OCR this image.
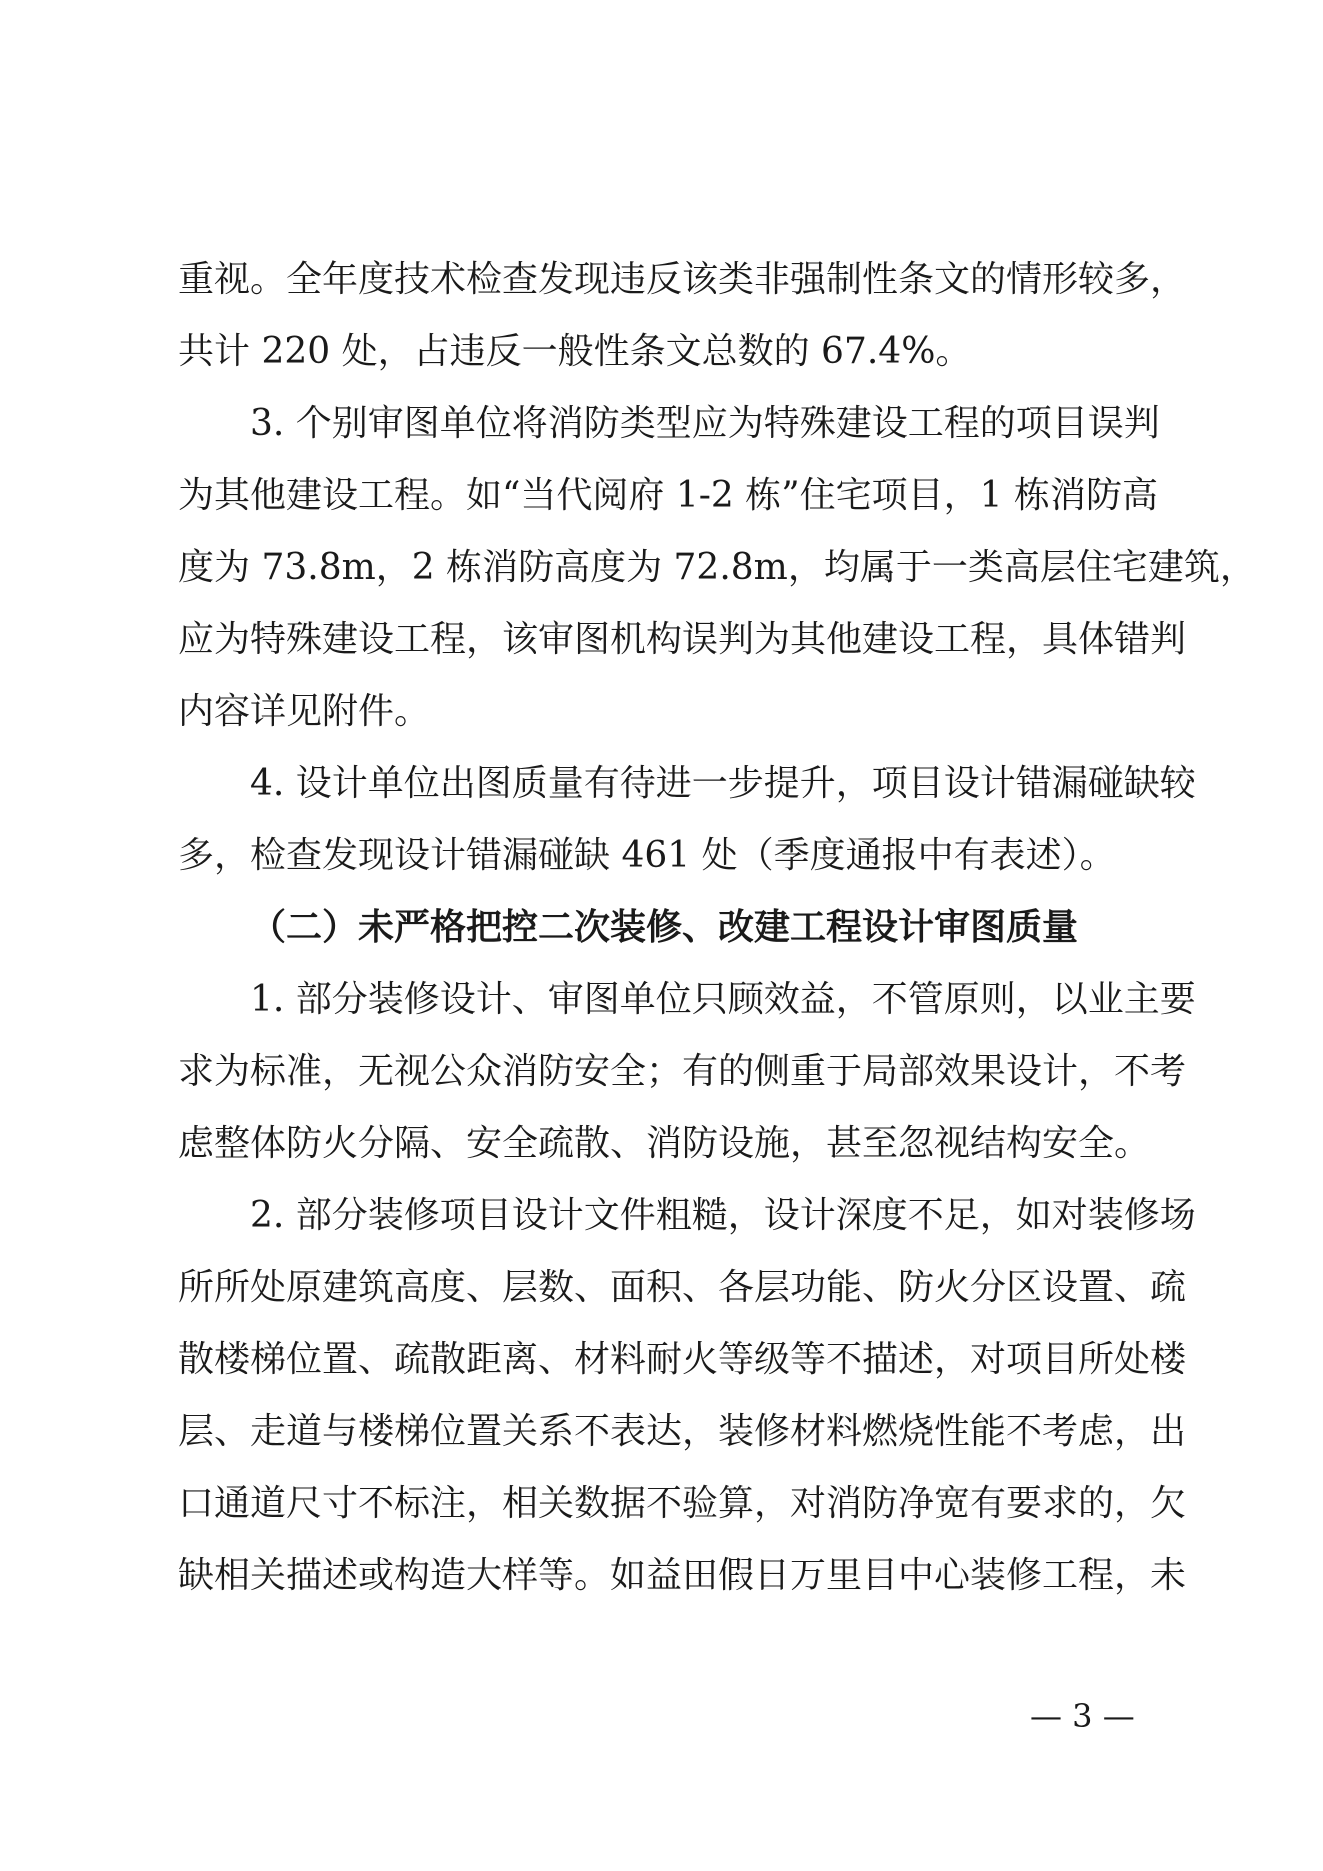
重视。全年度技术检查发现违反该类非强制性条文的情形较多，
共计 220 处，占违反一般性条文总数的 67.4%。
3. 个别审图单位将消防类型应为特殊建设工程的项目误判
为其他建设工程。如“当代阅府 1-2 栋”住宅项目，1 栋消防高
度为 73.8m，2 栋消防高度为 72.8m，均属于一类高层住宅建筑，
应为特殊建设工程，该审图机构误判为其他建设工程，具体错判
内容详见附件。
4. 设计单位出图质量有待进一步提升，项目设计错漏碰缺较
多，检查发现设计错漏碰缺 461 处（季度通报中有表述）。
（二）未严格把控二次装修、改建工程设计审图质量
1. 部分装修设计、审图单位只顾效益，不管原则，以业主要
求为标准，无视公众消防安全；有的侧重于局部效果设计，不考
虑整体防火分隔、安全疏散、消防设施，甚至忽视结构安全。
2. 部分装修项目设计文件粗糙，设计深度不足，如对装修场
所所处原建筑高度、层数、面积、各层功能、防火分区设置、疏
散楼梯位置、疏散距离、材料耐火等级等不描述，对项目所处楼
层、走道与楼梯位置关系不表达，装修材料燃烧性能不考虑，出
口通道尺寸不标注，相关数据不验算，对消防净宽有要求的，欠
缺相关描述或构造大样等。如益田假日万里目中心装修工程，未
— 3 —
